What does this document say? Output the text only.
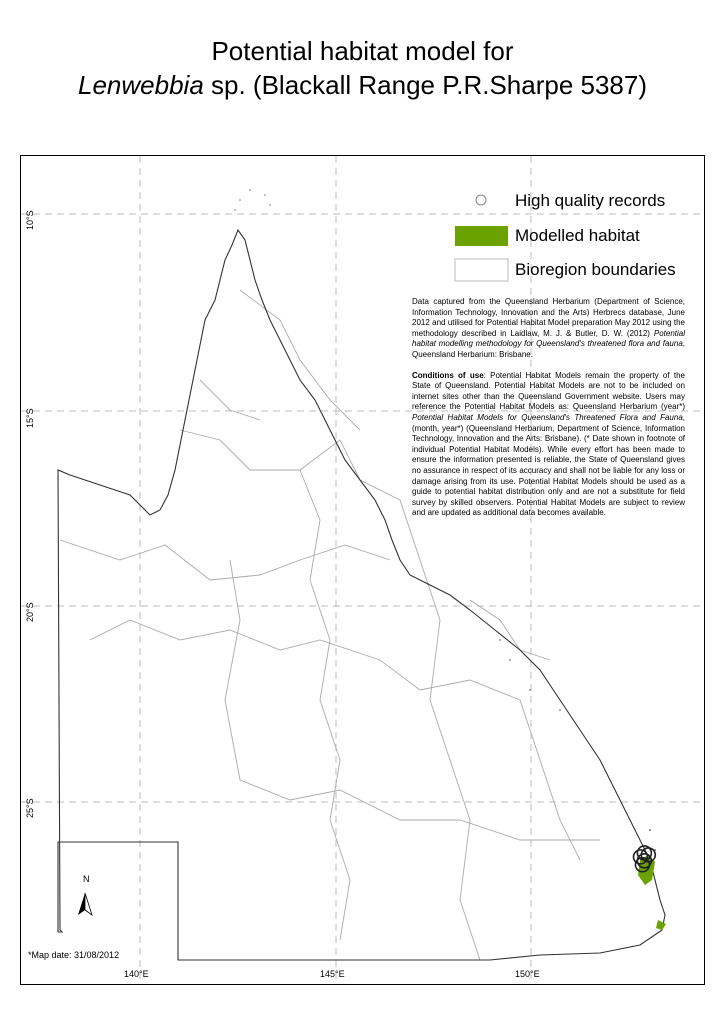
Potential habitat model for
Lenwebbia sp. (Blackall Range P.R.Sharpe 5387)
High quality records
Modelled habitat
Bioregion boundaries

Data captured from the Queensland Herbarium (Department of Science, Information Technology, Innovation and the Arts) Herbrecs database, June 2012 and utilised for Potential Habitat Model preparation May 2012 using the methodology described in Laidlaw, M. J. & Butler, D. W. (2012) Potential habitat modelling methodology for Queensland's threatened flora and fauna, Queensland Herbarium: Brisbane.

Conditions of use: Potential Habitat Models remain the property of the State of Queensland. Potential Habitat Models are not to be included on internet sites other than the Queensland Government website. Users may reference the Potential Habitat Models as: Queensland Herbarium (year*) Potential Habitat Models for Queensland's Threatened Flora and Fauna, (month, year*) (Queensland Herbarium, Department of Science, Information Technology, Innovation and the Arts: Brisbane). (* Date shown in footnote of individual Potential Habitat Models). While every effort has been made to ensure the information presented is reliable, the State of Queensland gives no assurance in respect of its accuracy and shall not be liable for any loss or damage arising from its use. Potential Habitat Models should be used as a guide to potential habitat distribution only and are not a substitute for field survey by skilled observers. Potential Habitat Models are subject to review and are updated as additional data becomes available.

N
*Map date: 31/08/2012
140°E	145°E	150°E
10°S
15°S
20°S
25°S
